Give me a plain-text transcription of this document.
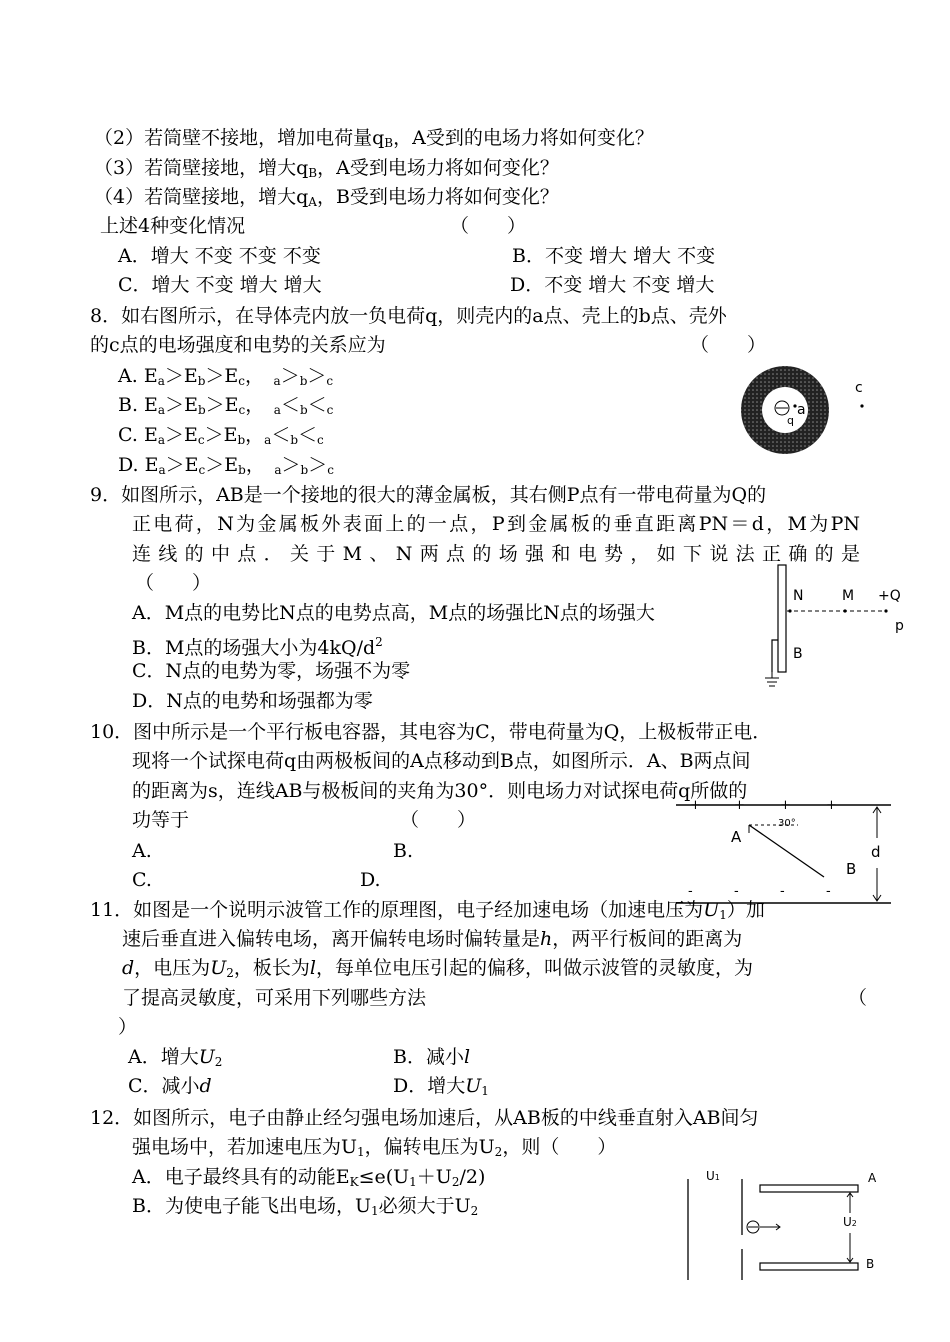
（2）若筒壁不接地，增加电荷量qB，A受到的电场力将如何变化？
（3）若筒壁接地，增大qB，A受到电场力将如何变化？
（4）若筒壁接地，增大qA，B受到电场力将如何变化？
上述4种变化情况	（　　）
A．增大 不变 不变 不变	B．不变 增大 增大 不变
C．增大 不变 增大 增大	D．不变 增大 不变 增大
8．如右图所示，在导体壳内放一负电荷q，则壳内的a点、壳上的b点、壳外
的c点的电场强度和电势的关系应为	（　　）
A. Ea＞Eb＞Ec，　a＞b＞c
B. Ea＞Eb＞Ec，　a＜b＜c
C. Ea＞Ec＞Eb，a＜b＜c
D. Ea＞Ec＞Eb，　a＞b＞c
c
a
q
9．如图所示，AB是一个接地的很大的薄金属板，其右侧P点有一带电荷量为Q的
正电荷，N为金属板外表面上的一点，P到金属板的垂直距离PN＝d，M为PN
连线的中点．关于M、N两点的场强和电势，如下说法正确的是
（　　）
A．M点的电势比N点的电势点高，M点的场强比N点的场强大
B．M点的场强大小为$4kQ/d^2$
C．N点的电势为零，场强不为零
D．N点的电势和场强都为零
N	M +Q
p
B
10．图中所示是一个平行板电容器，其电容为C，带电荷量为Q，上极板带正电．
现将一个试探电荷q由两极板间的A点移动到B点，如图所示．A、B两点间
的距离为s，连线AB与极板间的夹角为30°．则电场力对试探电荷q所做的
功等于	（　　）
A.	B.
C.	D.
+	+	+	+
30°
A
B
d
-	-	-	-
11．如图是一个说明示波管工作的原理图，电子经加速电场（加速电压为U1）加
速后垂直进入偏转电场，离开偏转电场时偏转量是h，两平行板间的距离为
d，电压为U2，板长为l，每单位电压引起的偏移，叫做示波管的灵敏度，为
了提高灵敏度，可采用下列哪些方法	（
）
A．增大U2	B．减小l
C．减小d	D．增大U1
12．如图所示，电子由静止经匀强电场加速后，从AB板的中线垂直射入AB间匀
强电场中，若加速电压为U1，偏转电压为U2，则（　　）
A．电子最终具有的动能EK≤e(U1＋U2/2)
B．为使电子能飞出电场，U1必须大于U2
U1
U2
A
B
